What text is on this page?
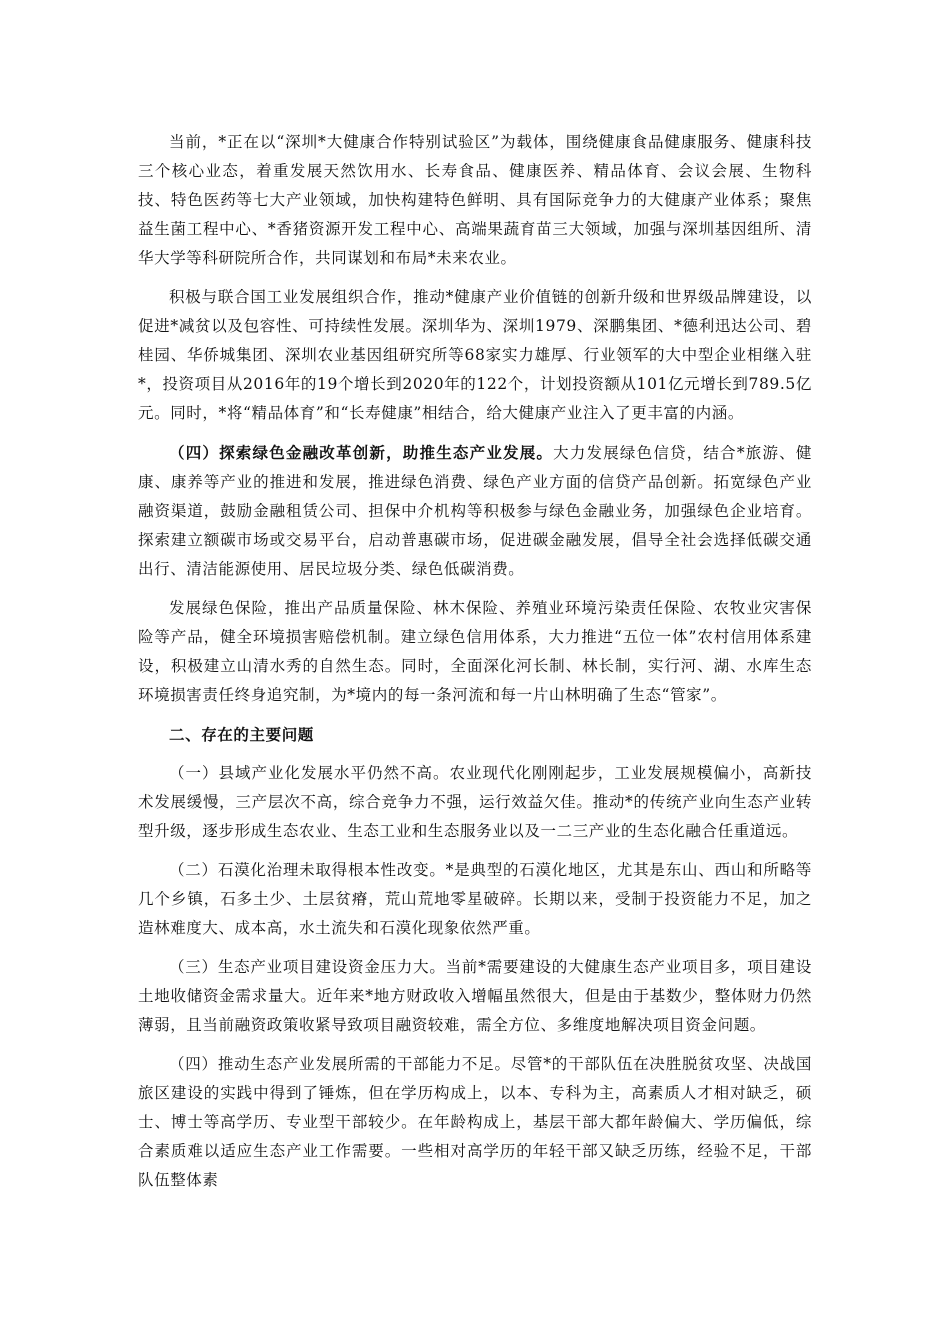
当前，*正在以“深圳*大健康合作特别试验区”为载体，围绕健康食品健康服务、健康科技三个核心业态，着重发展天然饮用水、长寿食品、健康医养、精品体育、会议会展、生物科技、特色医药等七大产业领域，加快构建特色鲜明、具有国际竞争力的大健康产业体系；聚焦益生菌工程中心、*香猪资源开发工程中心、高端果蔬育苗三大领域，加强与深圳基因组所、清华大学等科研院所合作，共同谋划和布局*未来农业。

积极与联合国工业发展组织合作，推动*健康产业价值链的创新升级和世界级品牌建设，以促进*减贫以及包容性、可持续性发展。深圳华为、深圳1979、深鹏集团、*德利迅达公司、碧桂园、华侨城集团、深圳农业基因组研究所等68家实力雄厚、行业领军的大中型企业相继入驻*，投资项目从2016年的19个增长到2020年的122个，计划投资额从101亿元增长到789.5亿元。同时，*将“精品体育”和“长寿健康”相结合，给大健康产业注入了更丰富的内涵。

（四）探索绿色金融改革创新，助推生态产业发展。大力发展绿色信贷，结合*旅游、健康、康养等产业的推进和发展，推进绿色消费、绿色产业方面的信贷产品创新。拓宽绿色产业融资渠道，鼓励金融租赁公司、担保中介机构等积极参与绿色金融业务，加强绿色企业培育。探索建立额碳市场或交易平台，启动普惠碳市场，促进碳金融发展，倡导全社会选择低碳交通出行、清洁能源使用、居民垃圾分类、绿色低碳消费。

发展绿色保险，推出产品质量保险、林木保险、养殖业环境污染责任保险、农牧业灾害保险等产品，健全环境损害赔偿机制。建立绿色信用体系，大力推进“五位一体”农村信用体系建设，积极建立山清水秀的自然生态。同时，全面深化河长制、林长制，实行河、湖、水库生态环境损害责任终身追究制，为*境内的每一条河流和每一片山林明确了生态“管家”。

二、存在的主要问题

（一）县域产业化发展水平仍然不高。农业现代化刚刚起步，工业发展规模偏小，高新技术发展缓慢，三产层次不高，综合竞争力不强，运行效益欠佳。推动*的传统产业向生态产业转型升级，逐步形成生态农业、生态工业和生态服务业以及一二三产业的生态化融合任重道远。

（二）石漠化治理未取得根本性改变。*是典型的石漠化地区，尤其是东山、西山和所略等几个乡镇，石多土少、土层贫瘠，荒山荒地零星破碎。长期以来，受制于投资能力不足，加之造林难度大、成本高，水土流失和石漠化现象依然严重。

（三）生态产业项目建设资金压力大。当前*需要建设的大健康生态产业项目多，项目建设土地收储资金需求量大。近年来*地方财政收入增幅虽然很大，但是由于基数少，整体财力仍然薄弱，且当前融资政策收紧导致项目融资较难，需全方位、多维度地解决项目资金问题。

（四）推动生态产业发展所需的干部能力不足。尽管*的干部队伍在决胜脱贫攻坚、决战国旅区建设的实践中得到了锤炼，但在学历构成上，以本、专科为主，高素质人才相对缺乏，硕士、博士等高学历、专业型干部较少。在年龄构成上，基层干部大都年龄偏大、学历偏低，综合素质难以适应生态产业工作需要。一些相对高学历的年轻干部又缺乏历练，经验不足，干部队伍整体素
